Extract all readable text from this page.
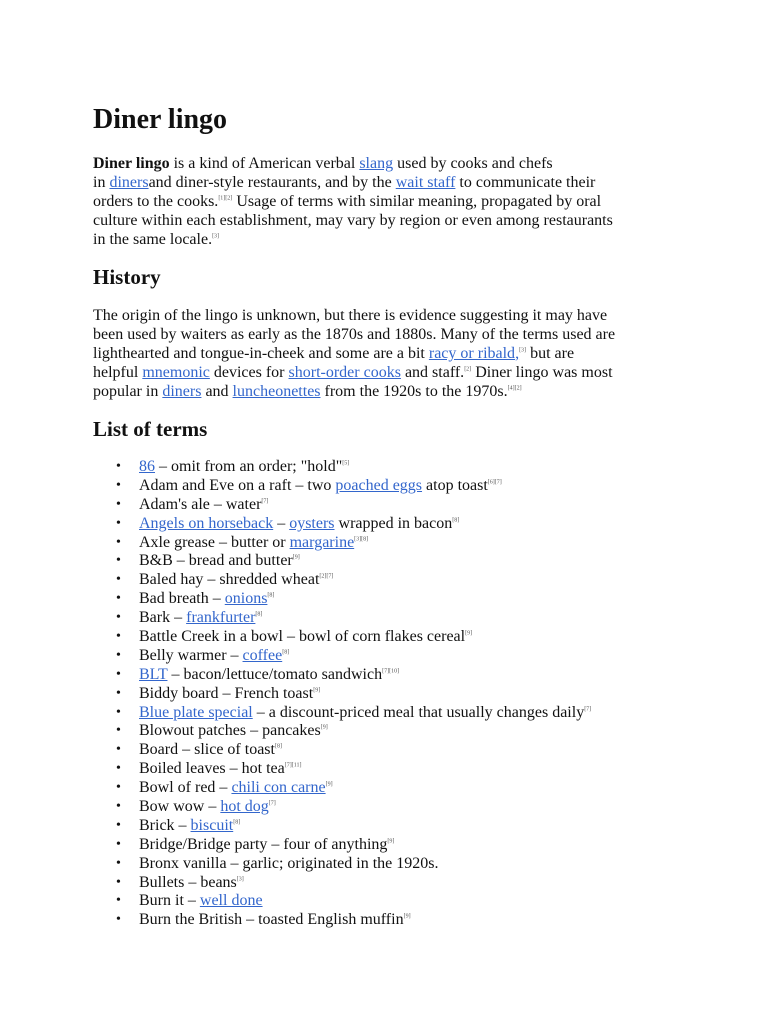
Diner lingo
Diner lingo is a kind of American verbal slang used by cooks and chefs
in dinersand diner-style restaurants, and by the wait staff to communicate their
orders to the cooks.[1][2] Usage of terms with similar meaning, propagated by oral
culture within each establishment, may vary by region or even among restaurants
in the same locale.[3]
History
The origin of the lingo is unknown, but there is evidence suggesting it may have
been used by waiters as early as the 1870s and 1880s. Many of the terms used are
lighthearted and tongue-in-cheek and some are a bit racy or ribald,[3] but are
helpful mnemonic devices for short-order cooks and staff.[2] Diner lingo was most
popular in diners and luncheonettes from the 1920s to the 1970s.[4][2]
List of terms
• 86 – omit from an order; "hold"[5]
• Adam and Eve on a raft – two poached eggs atop toast[6][7]
• Adam's ale – water[7]
• Angels on horseback – oysters wrapped in bacon[8]
• Axle grease – butter or margarine[3][8]
• B&B – bread and butter[9]
• Baled hay – shredded wheat[2][7]
• Bad breath – onions[8]
• Bark – frankfurter[8]
• Battle Creek in a bowl – bowl of corn flakes cereal[9]
• Belly warmer – coffee[8]
• BLT – bacon/lettuce/tomato sandwich[7][10]
• Biddy board – French toast[9]
• Blue plate special – a discount-priced meal that usually changes daily[7]
• Blowout patches – pancakes[9]
• Board – slice of toast[8]
• Boiled leaves – hot tea[7][11]
• Bowl of red – chili con carne[9]
• Bow wow – hot dog[7]
• Brick – biscuit[8]
• Bridge/Bridge party – four of anything[9]
• Bronx vanilla – garlic; originated in the 1920s.
• Bullets – beans[3]
• Burn it – well done
• Burn the British – toasted English muffin[9]
